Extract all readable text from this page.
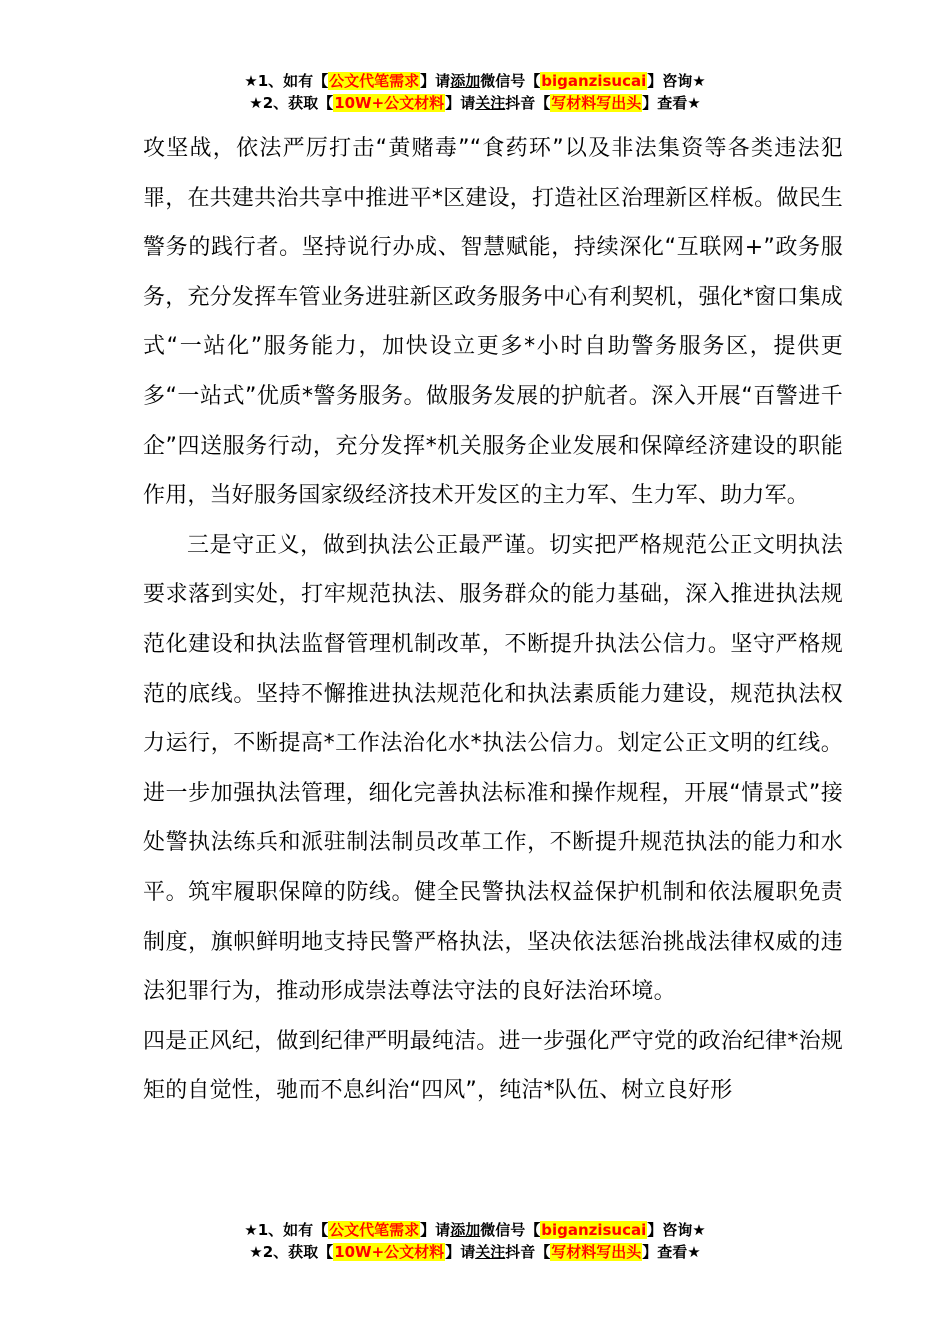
★1、如有【公文代笔需求】请添加微信号【biganzisucai】咨询★
★2、获取【10W+公文材料】请关注抖音【写材料写出头】查看★

攻坚战，依法严厉打击“黄赌毒”“食药环”以及非法集资等各类违法犯罪，在共建共治共享中推进平*区建设，打造社区治理新区样板。做民生警务的践行者。坚持说行办成、智慧赋能，持续深化“互联网+”政务服务，充分发挥车管业务进驻新区政务服务中心有利契机，强化*窗口集成式“一站化”服务能力，加快设立更多*小时自助警务服务区，提供更多“一站式”优质*警务服务。做服务发展的护航者。深入开展“百警进千企”四送服务行动，充分发挥*机关服务企业发展和保障经济建设的职能作用，当好服务国家级经济技术开发区的主力军、生力军、助力军。

三是守正义，做到执法公正最严谨。切实把严格规范公正文明执法要求落到实处，打牢规范执法、服务群众的能力基础，深入推进执法规范化建设和执法监督管理机制改革，不断提升执法公信力。坚守严格规范的底线。坚持不懈推进执法规范化和执法素质能力建设，规范执法权力运行，不断提高*工作法治化水*执法公信力。划定公正文明的红线。进一步加强执法管理，细化完善执法标准和操作规程，开展“情景式”接处警执法练兵和派驻制法制员改革工作，不断提升规范执法的能力和水平。筑牢履职保障的防线。健全民警执法权益保护机制和依法履职免责制度，旗帜鲜明地支持民警严格执法，坚决依法惩治挑战法律权威的违法犯罪行为，推动形成崇法尊法守法的良好法治环境。

四是正风纪，做到纪律严明最纯洁。进一步强化严守党的政治纪律*治规矩的自觉性，驰而不息纠治“四风”，纯洁*队伍、树立良好形

★1、如有【公文代笔需求】请添加微信号【biganzisucai】咨询★
★2、获取【10W+公文材料】请关注抖音【写材料写出头】查看★
